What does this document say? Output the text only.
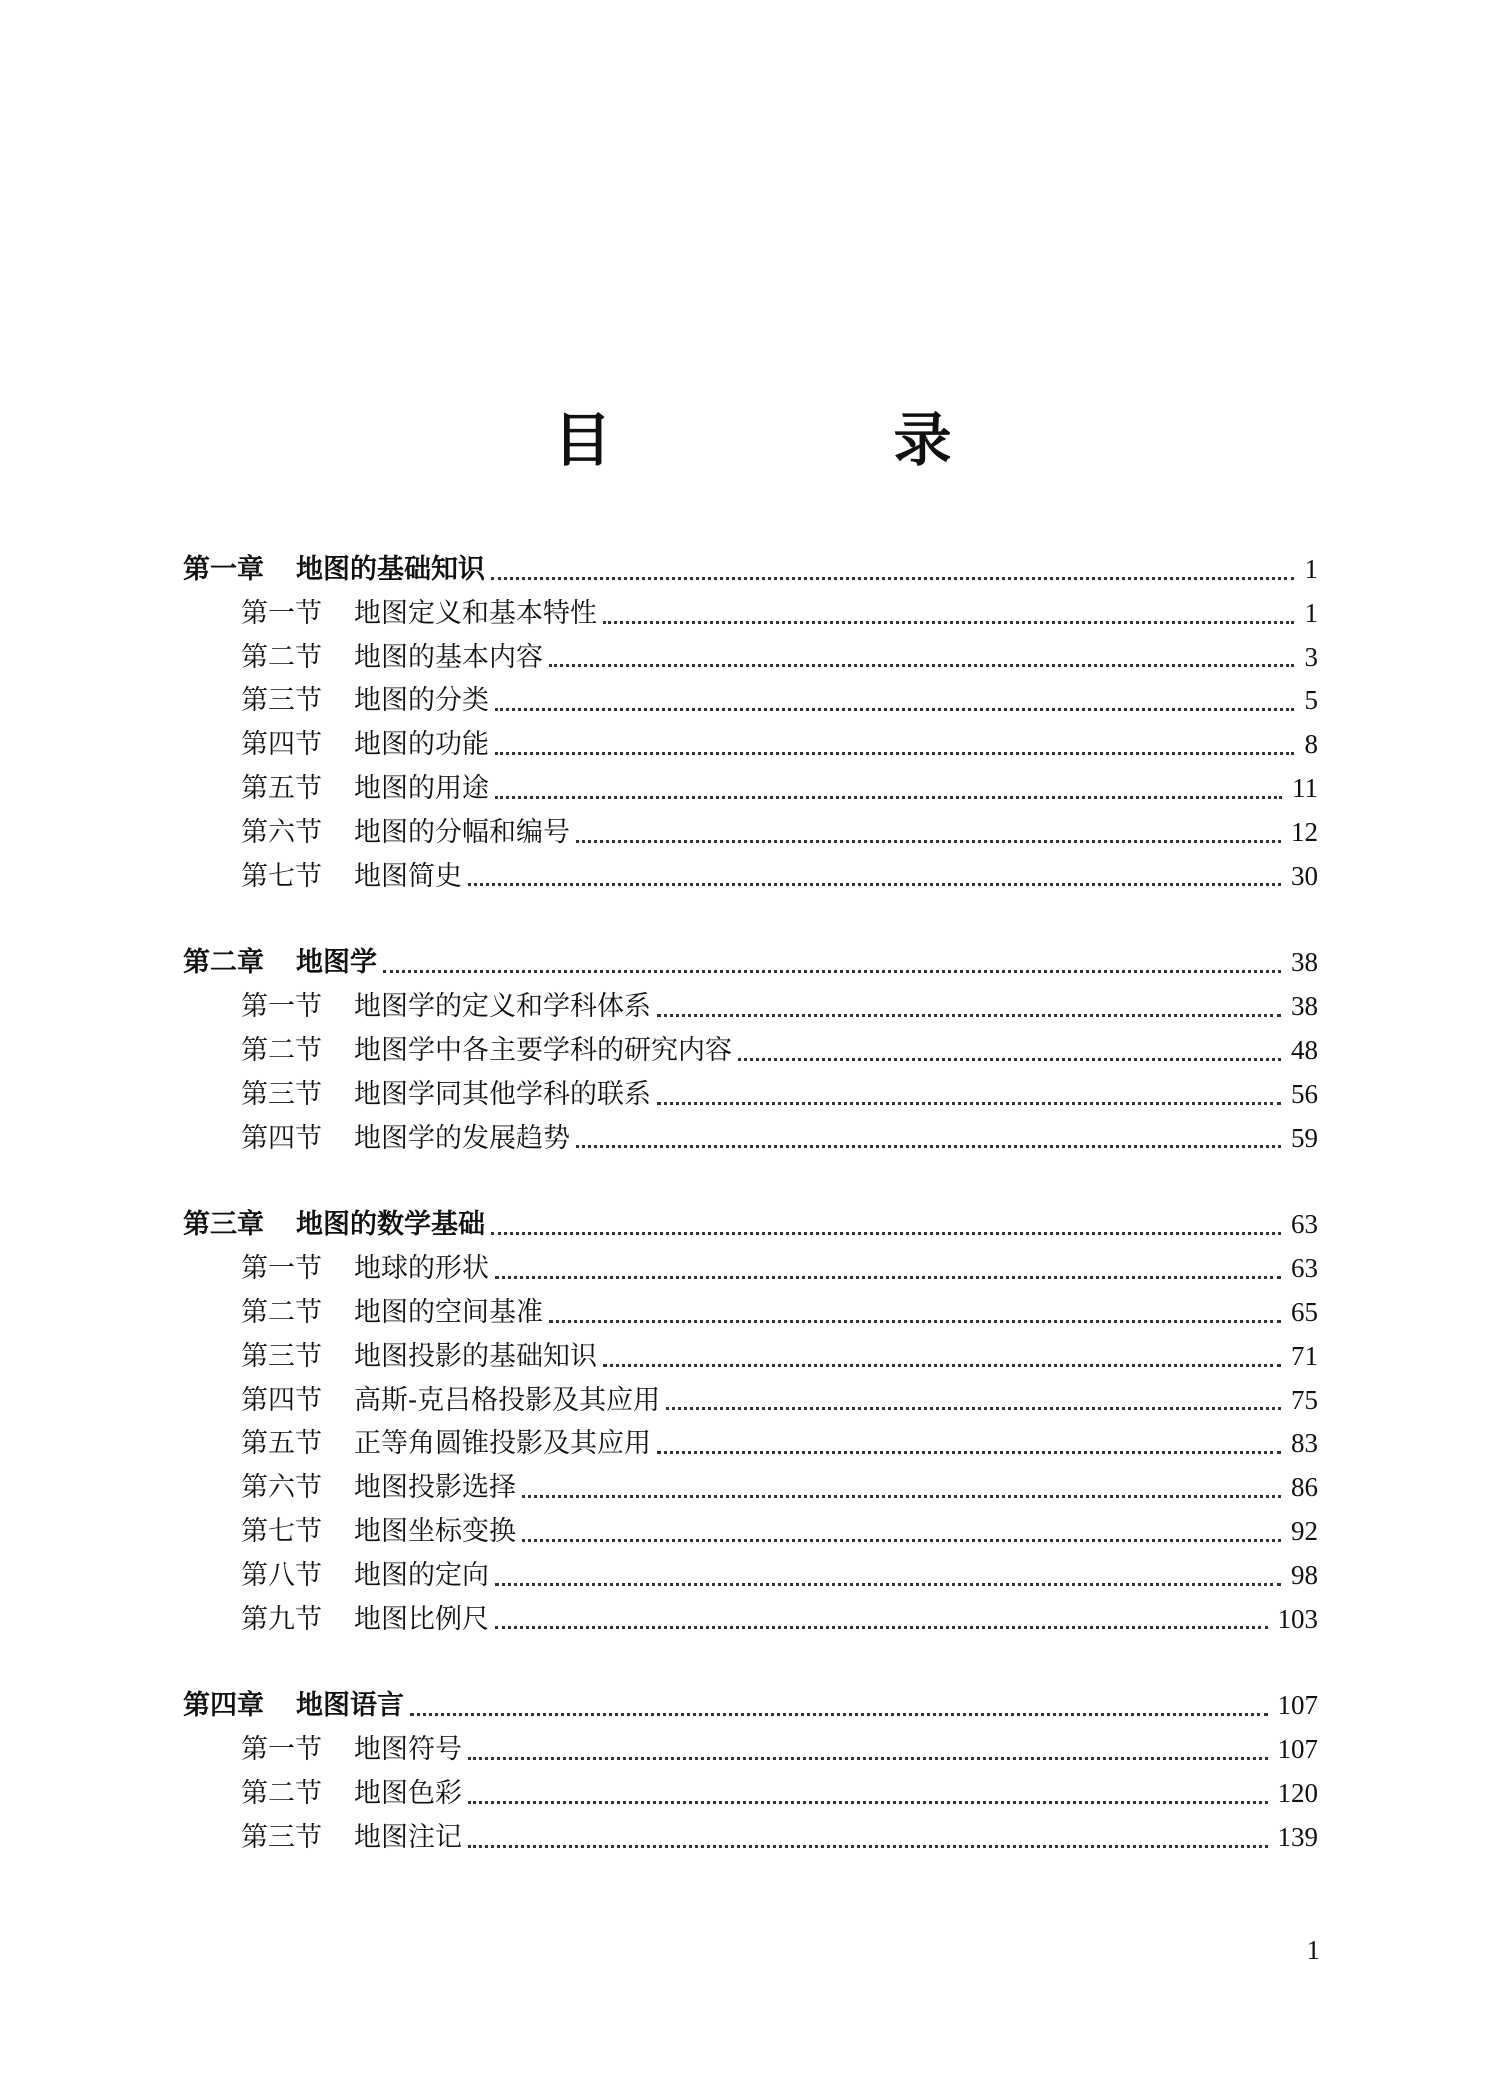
目　录
第一章 地图的基础知识	1
第一节 地图定义和基本特性	1
第二节 地图的基本内容	3
第三节 地图的分类	5
第四节 地图的功能	8
第五节 地图的用途	11
第六节 地图的分幅和编号	12
第七节 地图简史	30
第二章 地图学	38
第一节 地图学的定义和学科体系	38
第二节 地图学中各主要学科的研究内容	48
第三节 地图学同其他学科的联系	56
第四节 地图学的发展趋势	59
第三章 地图的数学基础	63
第一节 地球的形状	63
第二节 地图的空间基准	65
第三节 地图投影的基础知识	71
第四节 高斯-克吕格投影及其应用	75
第五节 正等角圆锥投影及其应用	83
第六节 地图投影选择	86
第七节 地图坐标变换	92
第八节 地图的定向	98
第九节 地图比例尺	103
第四章 地图语言	107
第一节 地图符号	107
第二节 地图色彩	120
第三节 地图注记	139
1
